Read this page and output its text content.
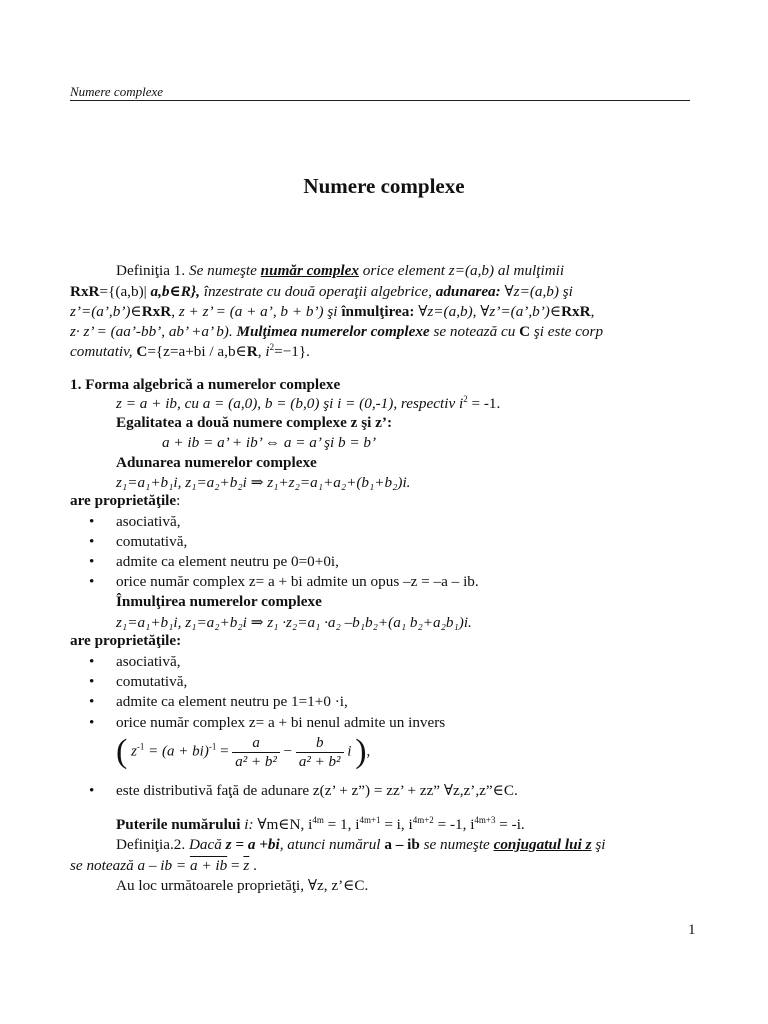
Numere complexe
Numere complexe
Definiţia 1. Se numeşte număr complex orice element z=(a,b) al mulţimii
RxR={(a,b)| a,b∈R}, înzestrate cu două operaţii algebrice, adunarea: ∀z=(a,b) şi
z’=(a’,b’)∈RxR, z + z’ = (a + a’, b + b’) şi înmulţirea: ∀z=(a,b), ∀z’=(a’,b’)∈RxR,
z· z’ = (aa’-bb’, ab’ +a’ b). Mulţimea numerelor complexe se notează cu C şi este corp
comutativ, C={z=a+bi / a,b∈R, $i^2=-1$}.
1. Forma algebrică a numerelor complexe
z = a + ib, cu a = (a,0), b = (b,0) şi i = (0,-1), respectiv $i^2 = -1$.
Egalitatea a două numere complexe z şi z’:
a + ib = a’ + ib’ ⇔ a = a’ şi b = b’
Adunarea numerelor complexe
z₁=a₁+b₁i, z₁=a₂+b₂i ⇒ z₁+z₂=a₁+a₂+(b₁+b₂)i.
are proprietăţile:
• asociativă,
• comutativă,
• admite ca element neutru pe 0=0+0i,
• orice număr complex z= a + bi admite un opus –z = –a – ib.
Înmulţirea numerelor complexe
z₁=a₁+b₁i, z₁=a₂+b₂i ⇒ z₁ ·z₂=a₁ ·a₂ –b₁b₂+(a₁ b₂+a₂b₁)i.
are proprietăţile:
• asociativă,
• comutativă,
• admite ca element neutru pe 1=1+0 ·i,
• orice număr complex z= a + bi nenul admite un invers
( $z^{-1} = (a + bi)^{-1} = \frac{a}{\text{a² + b²}} - \frac{b}{\text{a² + b²}}$ i ),
• este distributivă faţă de adunare z(z’ + z”) = zz’ + zz” ∀z,z’,z”∈C.
Puterile numărului i: ∀m∈N, $i^{4m} = 1$, $i^{4m+1} = i$, $i^{4m+2} = -1$, $i^{4m+3} = -i$.
Definiţia.2. Dacă z = a +bi, atunci numărul a – ib se numeşte conjugatul lui z şi
se notează a – ib = a + ib = $\overline{z}$ .
Au loc următoarele proprietăţi, ∀z, z’∈C.
1
